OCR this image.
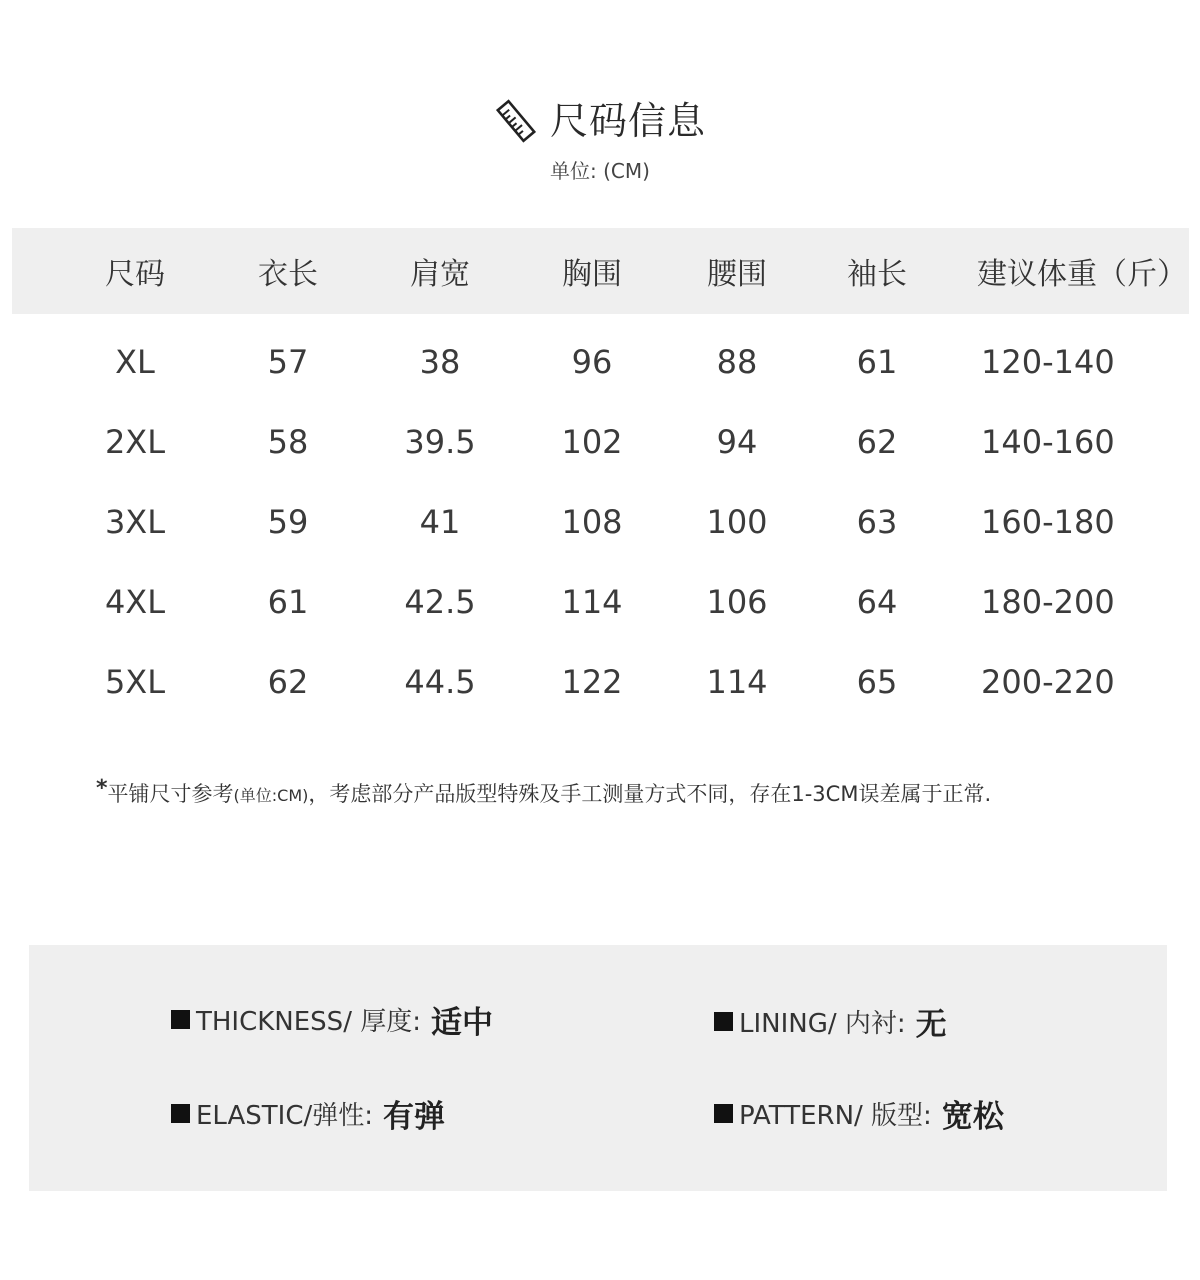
尺码信息
单位: (CM)
尺码	衣长	肩宽	胸围	腰围	袖长	建议体重（斤）
XL	57	38	96	88	61	120-140
2XL	58	39.5	102	94	62	140-160
3XL	59	41	108	100	63	160-180
4XL	61	42.5	114	106	64	180-200
5XL	62	44.5	122	114	65	200-220
*平铺尺寸参考(单位:CM)，考虑部分产品版型特殊及手工测量方式不同，存在1-3CM误差属于正常.
THICKNESS/ 厚度: 适中	LINING/ 内衬: 无
ELASTIC/弹性: 有弹	PATTERN/ 版型: 宽松
